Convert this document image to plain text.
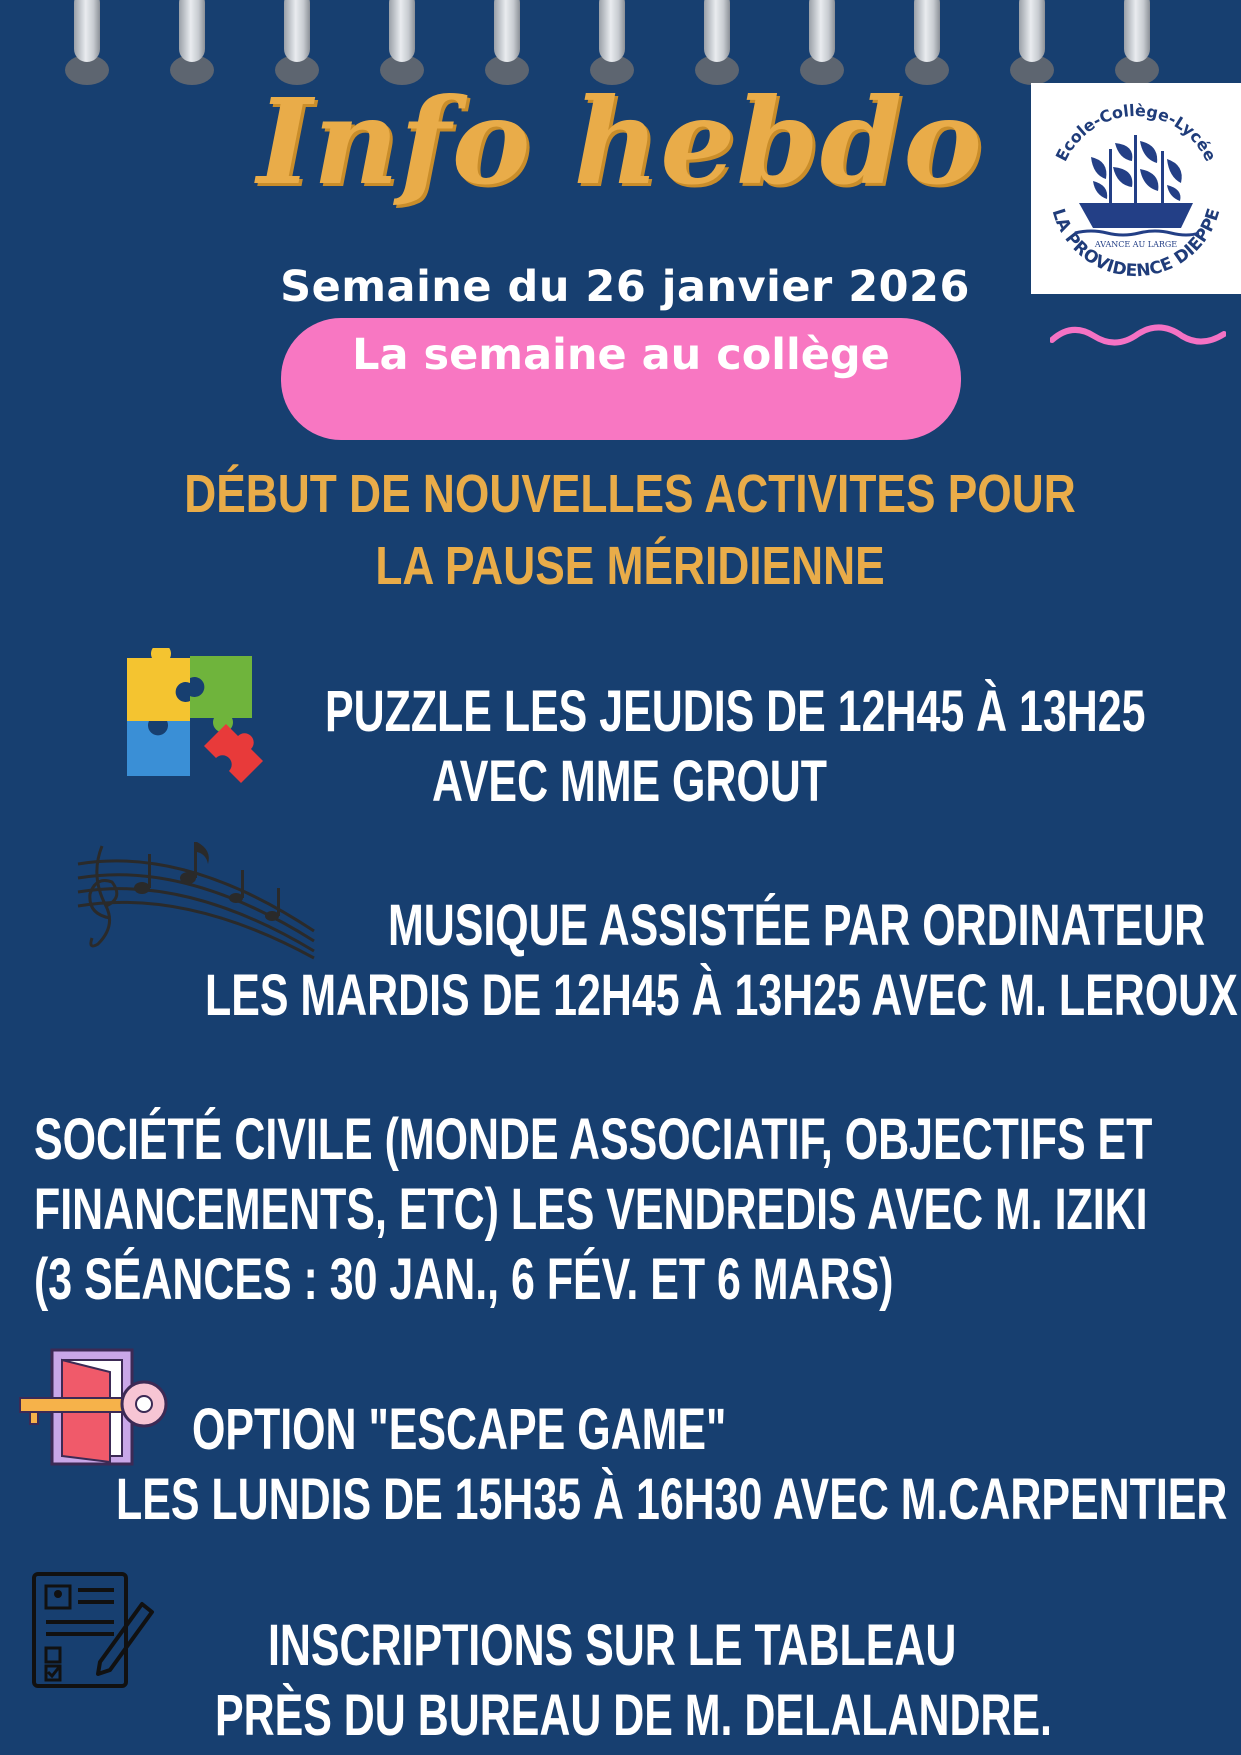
Info hebdo	Ecole-Collège-Lycée
LA PROVIDENCE DIEPPE
AVANCE AU LARGE
Semaine du 26 janvier 2026
La semaine au collège
DÉBUT DE NOUVELLES ACTIVITES POUR LA PAUSE MÉRIDIENNE
PUZZLE LES JEUDIS DE 12H45 À 13H25
AVEC MME GROUT
MUSIQUE ASSISTÉE PAR ORDINATEUR
LES MARDIS DE 12H45 À 13H25 AVEC M. LEROUX
SOCIÉTÉ CIVILE (MONDE ASSOCIATIF, OBJECTIFS ET
FINANCEMENTS, ETC) LES VENDREDIS AVEC M. IZIKI
(3 SÉANCES : 30 JAN., 6 FÉV. ET 6 MARS)
OPTION "ESCAPE GAME"
LES LUNDIS DE 15H35 À 16H30 AVEC M.CARPENTIER
INSCRIPTIONS SUR LE TABLEAU
PRÈS DU BUREAU DE M. DELALANDRE.
